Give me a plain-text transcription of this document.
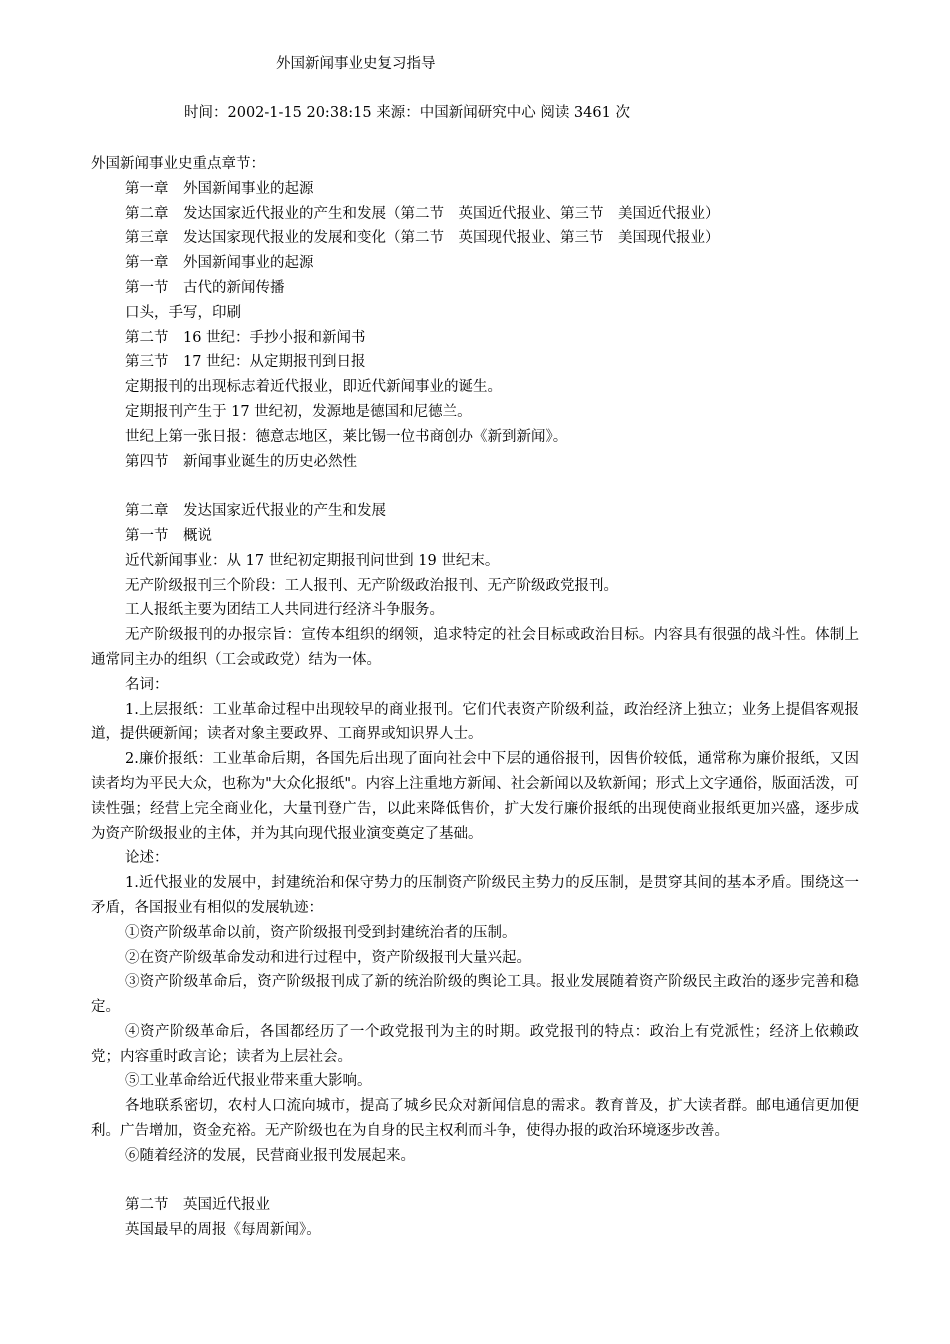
外国新闻事业史复习指导
时间：2002-1-15 20:38:15 来源：中国新闻研究中心 阅读 3461 次
外国新闻事业史重点章节：
第一章　外国新闻事业的起源
第二章　发达国家近代报业的产生和发展（第二节　英国近代报业、第三节　美国近代报业）
第三章　发达国家现代报业的发展和变化（第二节　英国现代报业、第三节　美国现代报业）
第一章　外国新闻事业的起源
第一节　古代的新闻传播
口头，手写，印刷
第二节　16 世纪：手抄小报和新闻书
第三节　17 世纪：从定期报刊到日报
定期报刊的出现标志着近代报业，即近代新闻事业的诞生。
定期报刊产生于 17 世纪初，发源地是德国和尼德兰。
世纪上第一张日报：德意志地区，莱比锡一位书商创办《新到新闻》。
第四节　新闻事业诞生的历史必然性
第二章　发达国家近代报业的产生和发展
第一节　概说
近代新闻事业：从 17 世纪初定期报刊问世到 19 世纪末。
无产阶级报刊三个阶段：工人报刊、无产阶级政治报刊、无产阶级政党报刊。
工人报纸主要为团结工人共同进行经济斗争服务。
无产阶级报刊的办报宗旨：宣传本组织的纲领，追求特定的社会目标或政治目标。内容具有很强的战斗性。体制上通常同主办的组织（工会或政党）结为一体。
名词：
1.上层报纸：工业革命过程中出现较早的商业报刊。它们代表资产阶级利益，政治经济上独立；业务上提倡客观报道，提供硬新闻；读者对象主要政界、工商界或知识界人士。
2.廉价报纸：工业革命后期，各国先后出现了面向社会中下层的通俗报刊，因售价较低，通常称为廉价报纸，又因读者均为平民大众，也称为"大众化报纸"。内容上注重地方新闻、社会新闻以及软新闻；形式上文字通俗，版面活泼，可读性强；经营上完全商业化，大量刊登广告，以此来降低售价，扩大发行廉价报纸的出现使商业报纸更加兴盛，逐步成为资产阶级报业的主体，并为其向现代报业演变奠定了基础。
论述：
1.近代报业的发展中，封建统治和保守势力的压制资产阶级民主势力的反压制，是贯穿其间的基本矛盾。围绕这一矛盾，各国报业有相似的发展轨迹：
①资产阶级革命以前，资产阶级报刊受到封建统治者的压制。
②在资产阶级革命发动和进行过程中，资产阶级报刊大量兴起。
③资产阶级革命后，资产阶级报刊成了新的统治阶级的舆论工具。报业发展随着资产阶级民主政治的逐步完善和稳定。
④资产阶级革命后，各国都经历了一个政党报刊为主的时期。政党报刊的特点：政治上有党派性；经济上依赖政党；内容重时政言论；读者为上层社会。
⑤工业革命给近代报业带来重大影响。
各地联系密切，农村人口流向城市，提高了城乡民众对新闻信息的需求。教育普及，扩大读者群。邮电通信更加便利。广告增加，资金充裕。无产阶级也在为自身的民主权利而斗争，使得办报的政治环境逐步改善。
⑥随着经济的发展，民营商业报刊发展起来。
第二节　英国近代报业
英国最早的周报《每周新闻》。
